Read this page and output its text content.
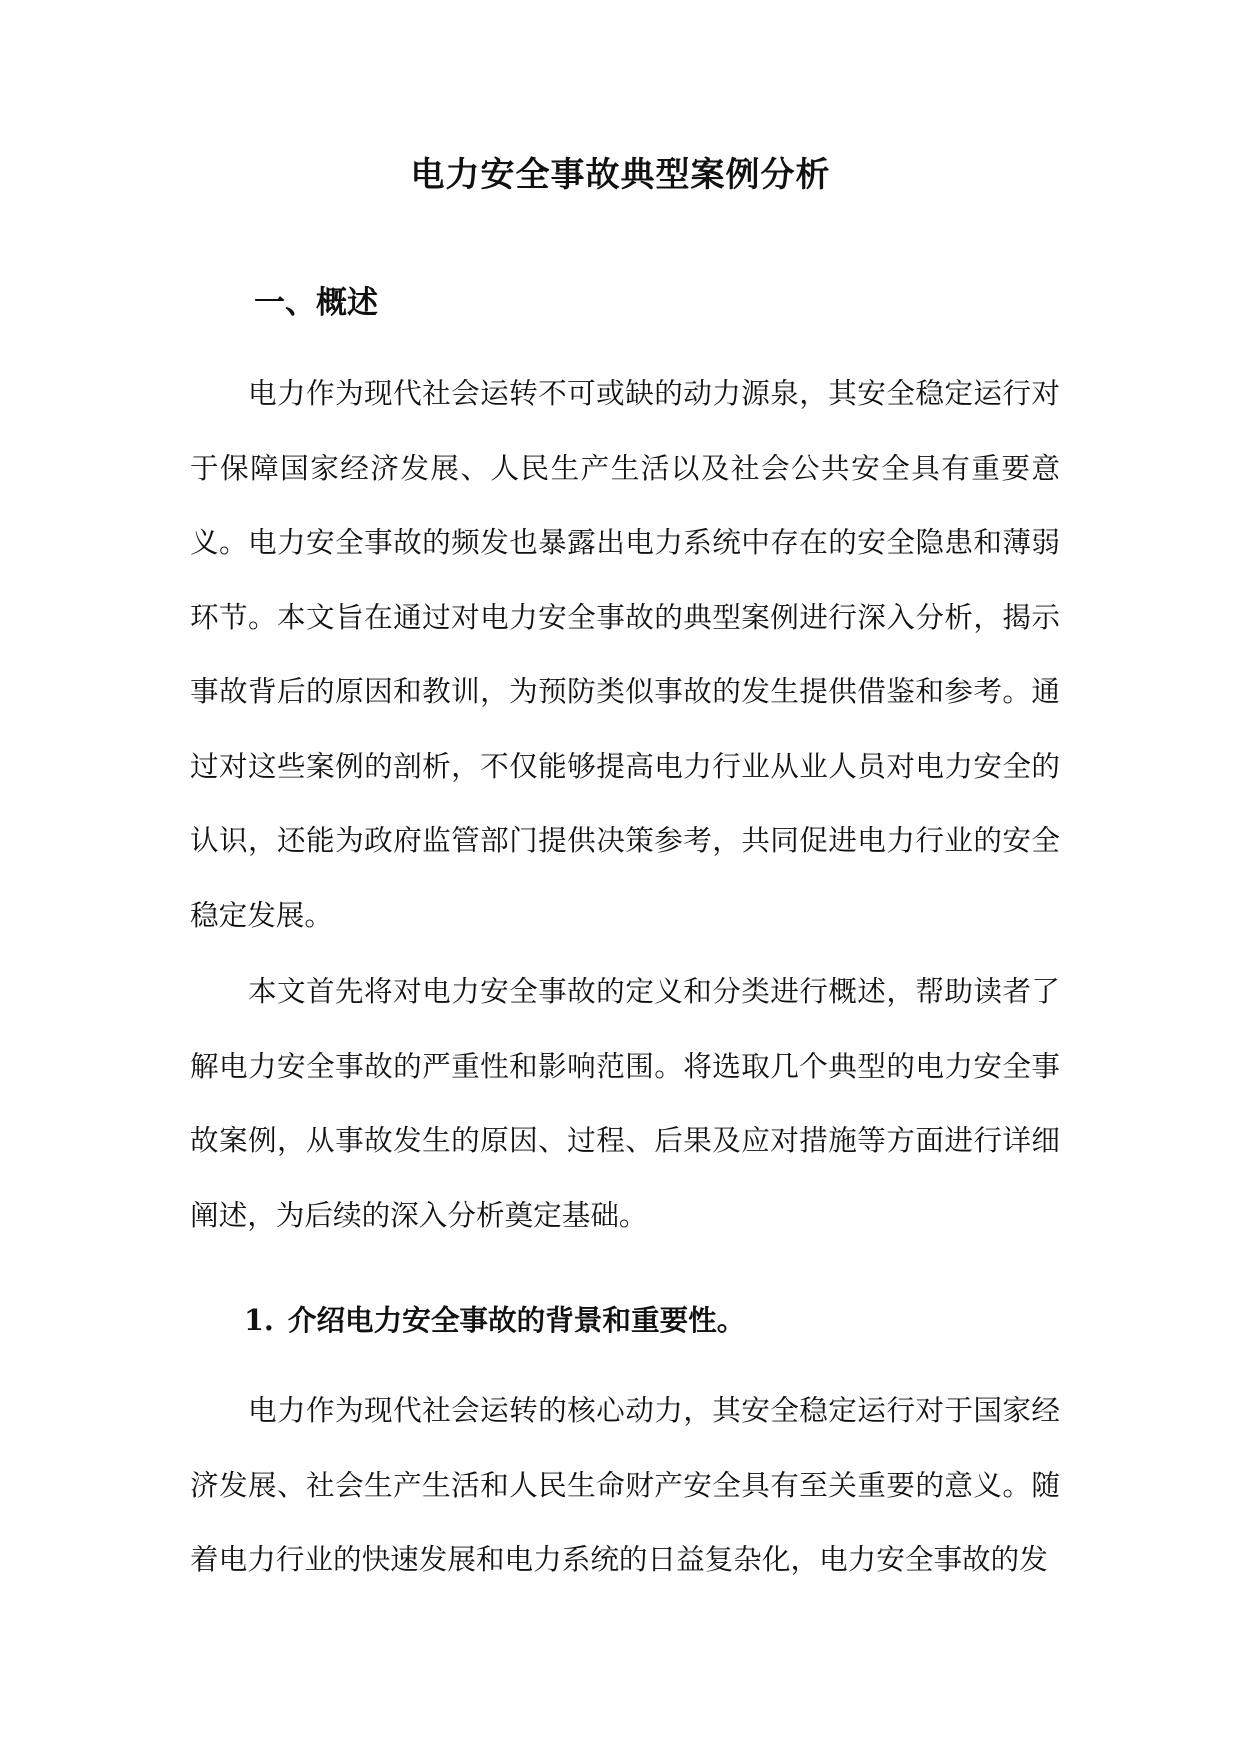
电力安全事故典型案例分析
一、概述

电力作为现代社会运转不可或缺的动力源泉，其安全稳定运行对于保障国家经济发展、人民生产生活以及社会公共安全具有重要意义。电力安全事故的频发也暴露出电力系统中存在的安全隐患和薄弱环节。本文旨在通过对电力安全事故的典型案例进行深入分析，揭示事故背后的原因和教训，为预防类似事故的发生提供借鉴和参考。通过对这些案例的剖析，不仅能够提高电力行业从业人员对电力安全的认识，还能为政府监管部门提供决策参考，共同促进电力行业的安全稳定发展。

本文首先将对电力安全事故的定义和分类进行概述，帮助读者了解电力安全事故的严重性和影响范围。将选取几个典型的电力安全事故案例，从事故发生的原因、过程、后果及应对措施等方面进行详细阐述，为后续的深入分析奠定基础。

1. 介绍电力安全事故的背景和重要性。

电力作为现代社会运转的核心动力，其安全稳定运行对于国家经济发展、社会生产生活和人民生命财产安全具有至关重要的意义。随着电力行业的快速发展和电力系统的日益复杂化，电力安全事故的发
